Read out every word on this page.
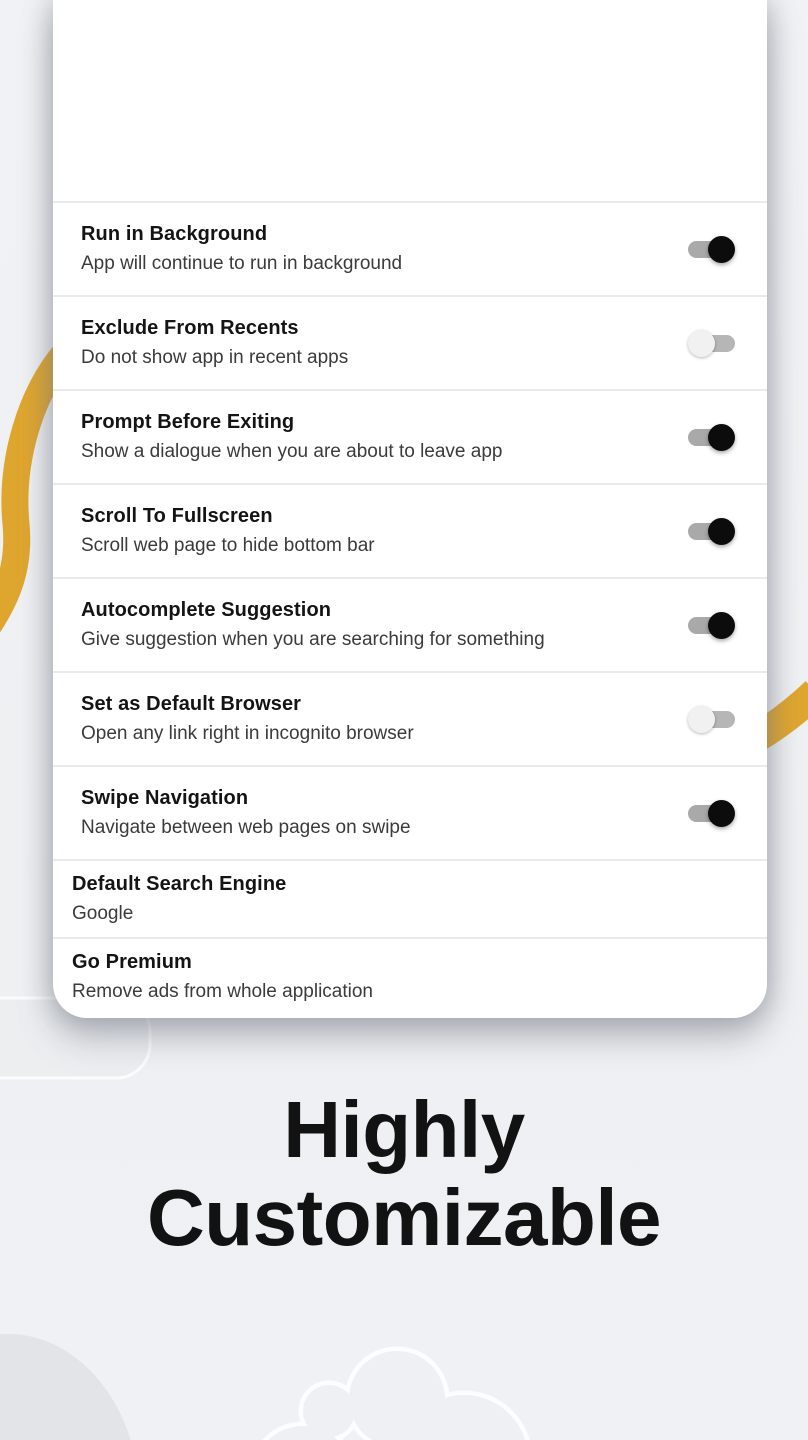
Run in Background
App will continue to run in background
Exclude From Recents
Do not show app in recent apps
Prompt Before Exiting
Show a dialogue when you are about to leave app
Scroll To Fullscreen
Scroll web page to hide bottom bar
Autocomplete Suggestion
Give suggestion when you are searching for something
Set as Default Browser
Open any link right in incognito browser
Swipe Navigation
Navigate between web pages on swipe
Default Search Engine
Google
Go Premium
Remove ads from whole application
Highly
Customizable
